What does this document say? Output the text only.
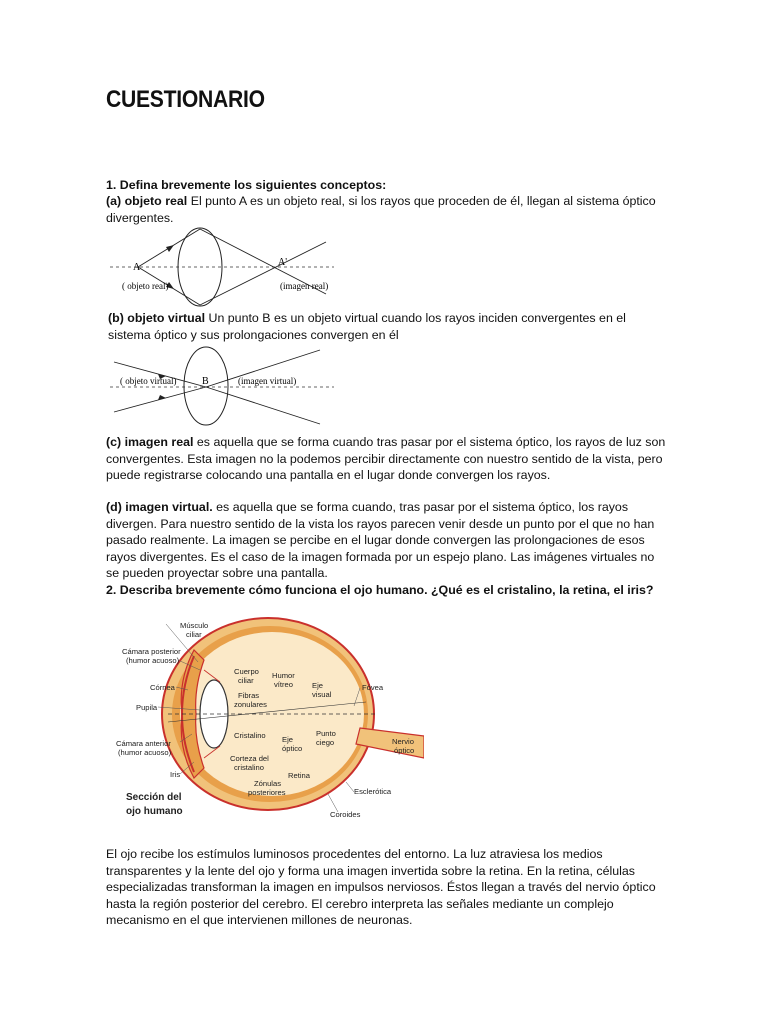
CUESTIONARIO
1. Defina brevemente los siguientes conceptos:
(a) objeto real El punto A es un objeto real, si los rayos que proceden de él, llegan al sistema óptico divergentes.
A	A'
( objeto real)	(imagen real)
(b) objeto virtual Un punto B es un objeto virtual cuando los rayos inciden convergentes en el sistema óptico y sus prolongaciones convergen en él
( objeto virtual)	B	(imagen virtual)
(c) imagen real es aquella que se forma cuando tras pasar por el sistema óptico, los rayos de luz son convergentes. Esta imagen no la podemos percibir directamente con nuestro sentido de la vista, pero puede registrarse colocando una pantalla en el lugar donde convergen los rayos.
(d) imagen virtual. es aquella que se forma cuando, tras pasar por el sistema óptico, los rayos divergen. Para nuestro sentido de la vista los rayos parecen venir desde un punto por el que no han pasado realmente. La imagen se percibe en el lugar donde convergen las prolongaciones de esos rayos divergentes. Es el caso de la imagen formada por un espejo plano. Las imágenes virtuales no se pueden proyectar sobre una pantalla.
2. Describa brevemente cómo funciona el ojo humano. ¿Qué es el cristalino, la retina, el iris?
Músculo
ciliar
Cámara posterior
(humor acuoso)
Córnea
Pupila
Cámara anterior
(humor acuoso)
Iris
Cuerpo
ciliar
Fibras
zonulares
Cristalino
Corteza del
cristalino
Zónulas
posteriores
Humor
vítreo	Eje
visual
Eje
óptico
Punto
ciego
Retina
Fóvea
Nervio
óptico
Esclerótica
Coroides
Sección del
ojo humano
El ojo recibe los estímulos luminosos procedentes del entorno. La luz atraviesa los medios transparentes y la lente del ojo y forma una imagen invertida sobre la retina. En la retina, células especializadas transforman la imagen en impulsos nerviosos. Éstos llegan a través del nervio óptico hasta la región posterior del cerebro. El cerebro interpreta las señales mediante un complejo mecanismo en el que intervienen millones de neuronas.
